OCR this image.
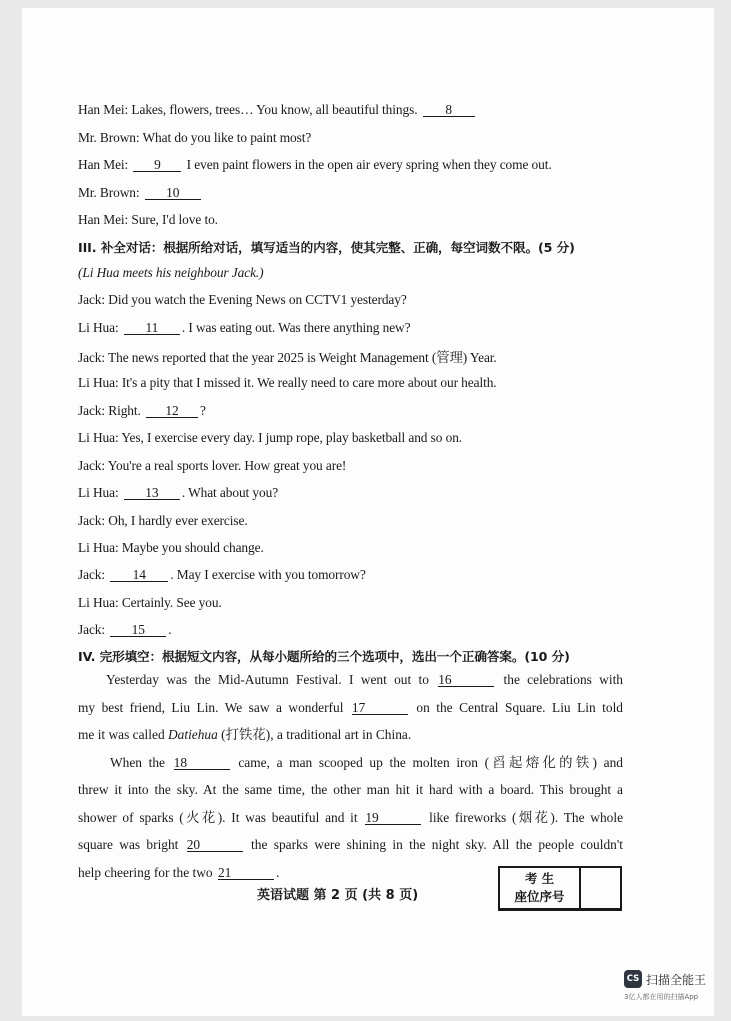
Han Mei: Lakes, flowers, trees… You know, all beautiful things. 8
Mr. Brown: What do you like to paint most?
Han Mei: 9 I even paint flowers in the open air every spring when they come out.
Mr. Brown: 10
Han Mei: Sure, I'd love to.
III. 补全对话：根据所给对话，填写适当的内容，使其完整、正确，每空词数不限。(5 分)
(Li Hua meets his neighbour Jack.)
Jack: Did you watch the Evening News on CCTV1 yesterday?
Li Hua: 11 . I was eating out. Was there anything new?
Jack: The news reported that the year 2025 is Weight Management (管理) Year.
Li Hua: It's a pity that I missed it. We really need to care more about our health.
Jack: Right. 12 ?
Li Hua: Yes, I exercise every day. I jump rope, play basketball and so on.
Jack: You're a real sports lover. How great you are!
Li Hua: 13 . What about you?
Jack: Oh, I hardly ever exercise.
Li Hua: Maybe you should change.
Jack: 14 . May I exercise with you tomorrow?
Li Hua: Certainly. See you.
Jack: 15 .
IV. 完形填空：根据短文内容，从每小题所给的三个选项中，选出一个正确答案。(10 分)
Yesterday was the Mid-Autumn Festival. I went out to 16	the celebrations with
my best friend, Liu Lin. We saw a wonderful 17	on the Central Square. Liu Lin told
me it was called Datiehua (打铁花), a traditional art in China.
When the 18	came, a man scooped up the molten iron (舀起熔化的铁) and
threw it into the sky. At the same time, the other man hit it hard with a board. This brought a
shower of sparks (火花). It was beautiful and it 19	like fireworks (烟花). The whole
square was bright 20	the sparks were shining in the night sky. All the people couldn't
help cheering for the two 21	.
英语试题 第 2 页 (共 8 页)
考 生
座位序号
CS 扫描全能王
3亿人都在用的扫描App
